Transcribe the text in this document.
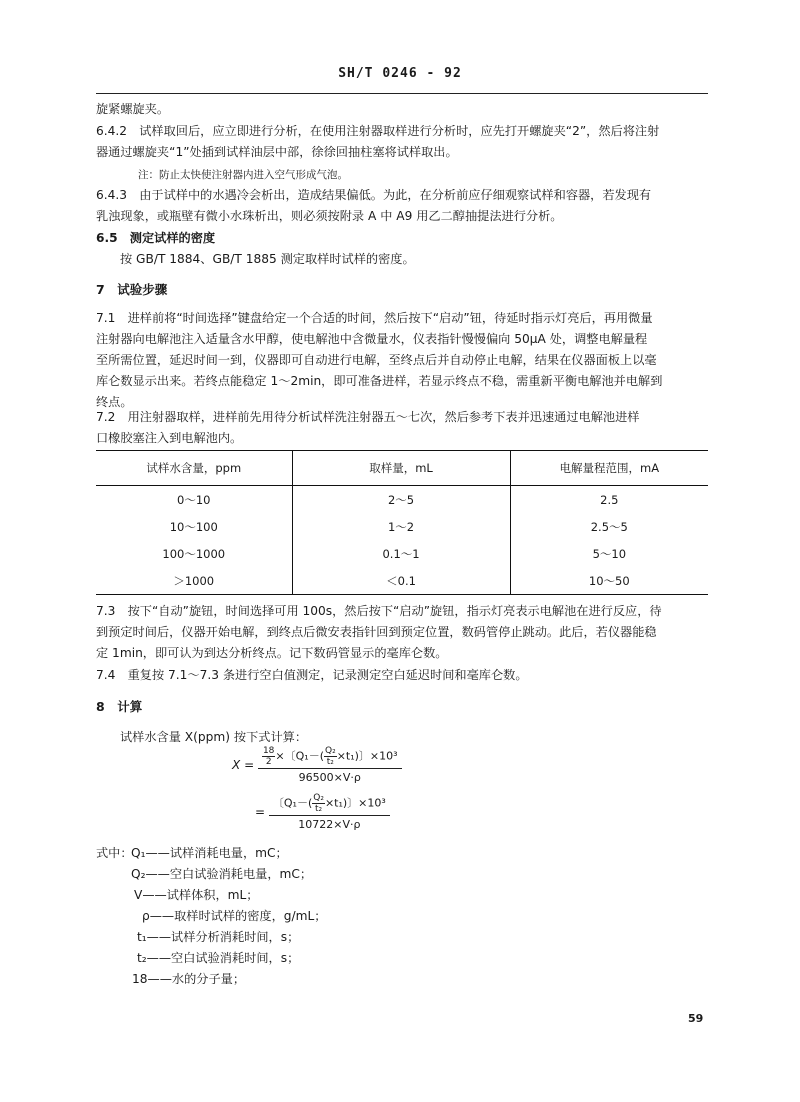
SH/T 0246 - 92
旋紧螺旋夹。
6.4.2　试样取回后，应立即进行分析，在使用注射器取样进行分析时，应先打开螺旋夹“2”，然后将注射
器通过螺旋夹“1”处插到试样油层中部，徐徐回抽柱塞将试样取出。
注：防止太快使注射器内进入空气形成气泡。
6.4.3　由于试样中的水遇冷会析出，造成结果偏低。为此，在分析前应仔细观察试样和容器，若发现有
乳浊现象，或瓶壁有微小水珠析出，则必须按附录 A 中 A9 用乙二醇抽提法进行分析。
6.5　测定试样的密度
按 GB/T 1884、GB/T 1885 测定取样时试样的密度。
7　试验步骤
7.1　进样前将“时间选择”键盘给定一个合适的时间，然后按下“启动”钮，待延时指示灯亮后，再用微量
注射器向电解池注入适量含水甲醇，使电解池中含微量水，仪表指针慢慢偏向 50μA 处，调整电解量程
至所需位置，延迟时间一到，仪器即可自动进行电解，至终点后并自动停止电解，结果在仪器面板上以毫
库仑数显示出来。若终点能稳定 1～2min，即可准备进样，若显示终点不稳，需重新平衡电解池并电解到
终点。
7.2　用注射器取样，进样前先用待分析试样洗注射器五～七次，然后参考下表并迅速通过电解池进样
口橡胶塞注入到电解池内。
试样水含量，ppm	取样量，mL	电解量程范围，mA
0～10	2～5	2.5
10～100	1～2	2.5～5
100～1000	0.1～1	5～10
＞1000	＜0.1	10～50
7.3　按下“自动”旋钮，时间选择可用 100s，然后按下“启动”旋钮，指示灯亮表示电解池在进行反应，待
到预定时间后，仪器开始电解，到终点后微安表指针回到预定位置，数码管停止跳动。此后，若仪器能稳
定 1min，即可认为到达分析终点。记下数码管显示的毫库仑数。
7.4　重复按 7.1～7.3 条进行空白值测定，记录测定空白延迟时间和毫库仑数。
8　计算
试样水含量 X(ppm) 按下式计算：
$X = \frac{18}{2}$ ×〔$Q_1-( \frac{\text{Q₂}}{\text{t₂}} \times t_1)$〕×10³
96500×V·ρ
= $\frac{〔Q_1-( \frac{\text{Q₂}}{\text{t₂}} \times t_1)〕\times 10^3}{10722\times V\cdot\rho}$
式中：
Q₁——试样消耗电量，mC；
Q₂——空白试验消耗电量，mC；
V——试样体积，mL；
ρ——取样时试样的密度，g/mL；
t₁——试样分析消耗时间，s；
t₂——空白试验消耗时间，s；
18——水的分子量；
59
